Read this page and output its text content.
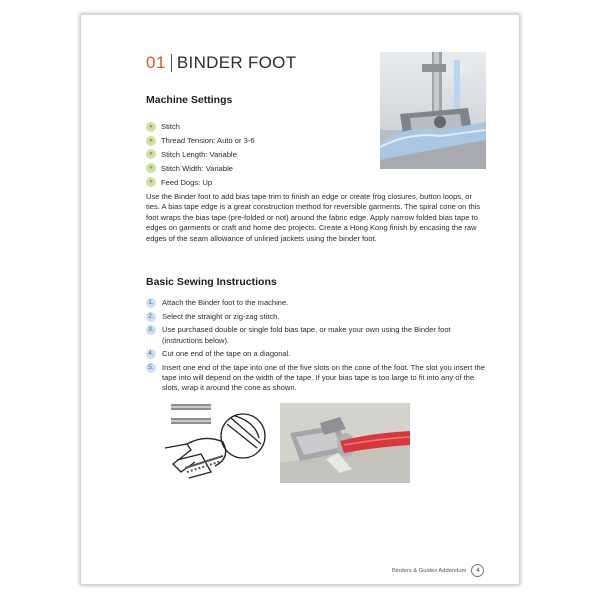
01 BINDER FOOT
Machine Settings
»	Stitch
»	Thread Tension: Auto or 3-6
»	Stitch Length: Variable
»	Stitch Width: Variable
»	Feed Dogs: Up

Use the Binder foot to add bias tape trim to finish an edge or create frog closures, button loops, or ties. A bias tape edge is a great construction method for reversible garments. The spiral cone on this foot wraps the bias tape (pre-folded or not) around the fabric edge. Apply narrow folded bias tape to edges on garments or craft and home dec projects. Create a Hong Kong finish by encasing the raw edges of the seam allowance of unlined jackets using the binder foot.

Basic Sewing Instructions
1.	Attach the Binder foot to the machine.
2.	Select the straight or zig-zag stitch.
3.	Use purchased double or single fold bias tape, or make your own using the Binder foot (instructions below).
4.	Cut one end of the tape on a diagonal.
5.	Insert one end of the tape into one of the five slots on the cone of the foot. The slot you insert the tape into will depend on the width of the tape. If your bias tape is too large to fit into any of the slots, wrap it around the cone as shown.
Binders & Guides Addendum	4
